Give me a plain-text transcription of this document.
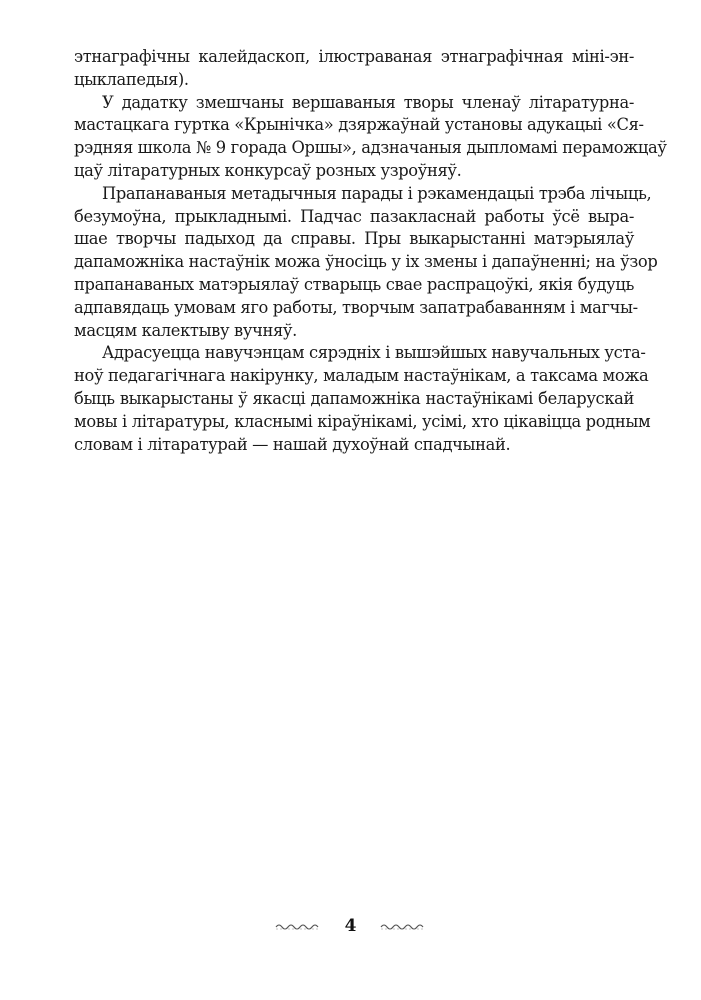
этнаграфічны калейдаскоп, ілюстраваная этнаграфічная міні-эн-
цыклапедыя).
У дадатку змешчаны вершаваныя творы членаў літаратурна-
мастацкага гуртка «Крынічка» дзяржаўнай установы адукацыі «Ся-
рэдняя школа № 9 горада Оршы», адзначаныя дыпломамі пераможцаў
цаў літаратурных конкурсаў розных узроўняў.
Прапанаваныя метадычныя парады і рэкамендацыі трэба лічыць,
безумоўна, прыкладнымі. Падчас пазакласнай работы ўсё выра-
шае творчы падыход да справы. Пры выкарыстанні матэрыялаў
дапаможніка настаўнік можа ўносіць у іх змены і дапаўненні; на ўзор
прапанаваных матэрыялаў стварыць свае распрацоўкі, якія будуць
адпавядаць умовам яго работы, творчым запатрабаванням і магчы-
масцям калектыву вучняў.
Адрасуецца навучэнцам сярэдніх і вышэйшых навучальных уста-
ноў педагагічнага накірунку, маладым настаўнікам, а таксама можа
быць выкарыстаны ў якасці дапаможніка настаўнікамі беларускай
мовы і літаратуры, класнымі кіраўнікамі, усімі, хто цікавіцца родным
словам і літаратурай — нашай духоўнай спадчынай.
4
